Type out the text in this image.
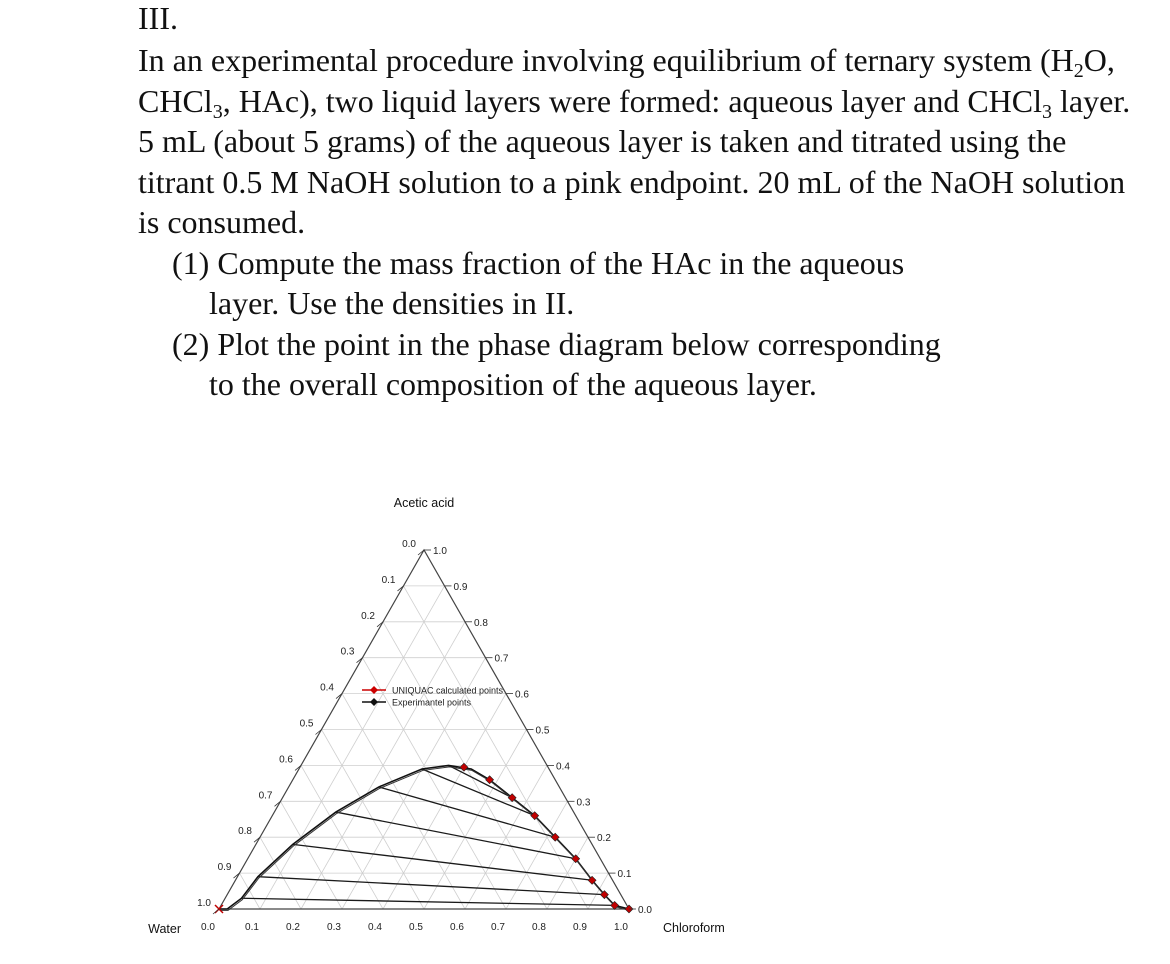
III.

In an experimental procedure involving equilibrium of ternary system ($H_2O$, CHCl$_3$, HAc), two liquid layers were formed: aqueous layer and CHCl$_3$ layer. 5 mL (about 5 grams) of the aqueous layer is taken and titrated using the titrant 0.5 M NaOH solution to a pink endpoint. 20 mL of the NaOH solution is consumed.

(1) Compute the mass fraction of the HAc in the aqueous
layer. Use the densities in II.

(2) Plot the point in the phase diagram below corresponding
to the overall composition of the aqueous layer.

0.0
1.0
0.0
0.1
0.9
0.1
0.2
0.8
0.2
0.3
0.7
0.3
0.4
0.6
0.4
0.5
0.5
0.5
0.6
0.4
0.6
0.7
0.3
0.7
0.8
0.2
0.8
0.9
0.1
0.9
1.0
0.0
1.0
Acetic acid
Water	Chloroform
UNIQUAC calculated points
Experimantel points
